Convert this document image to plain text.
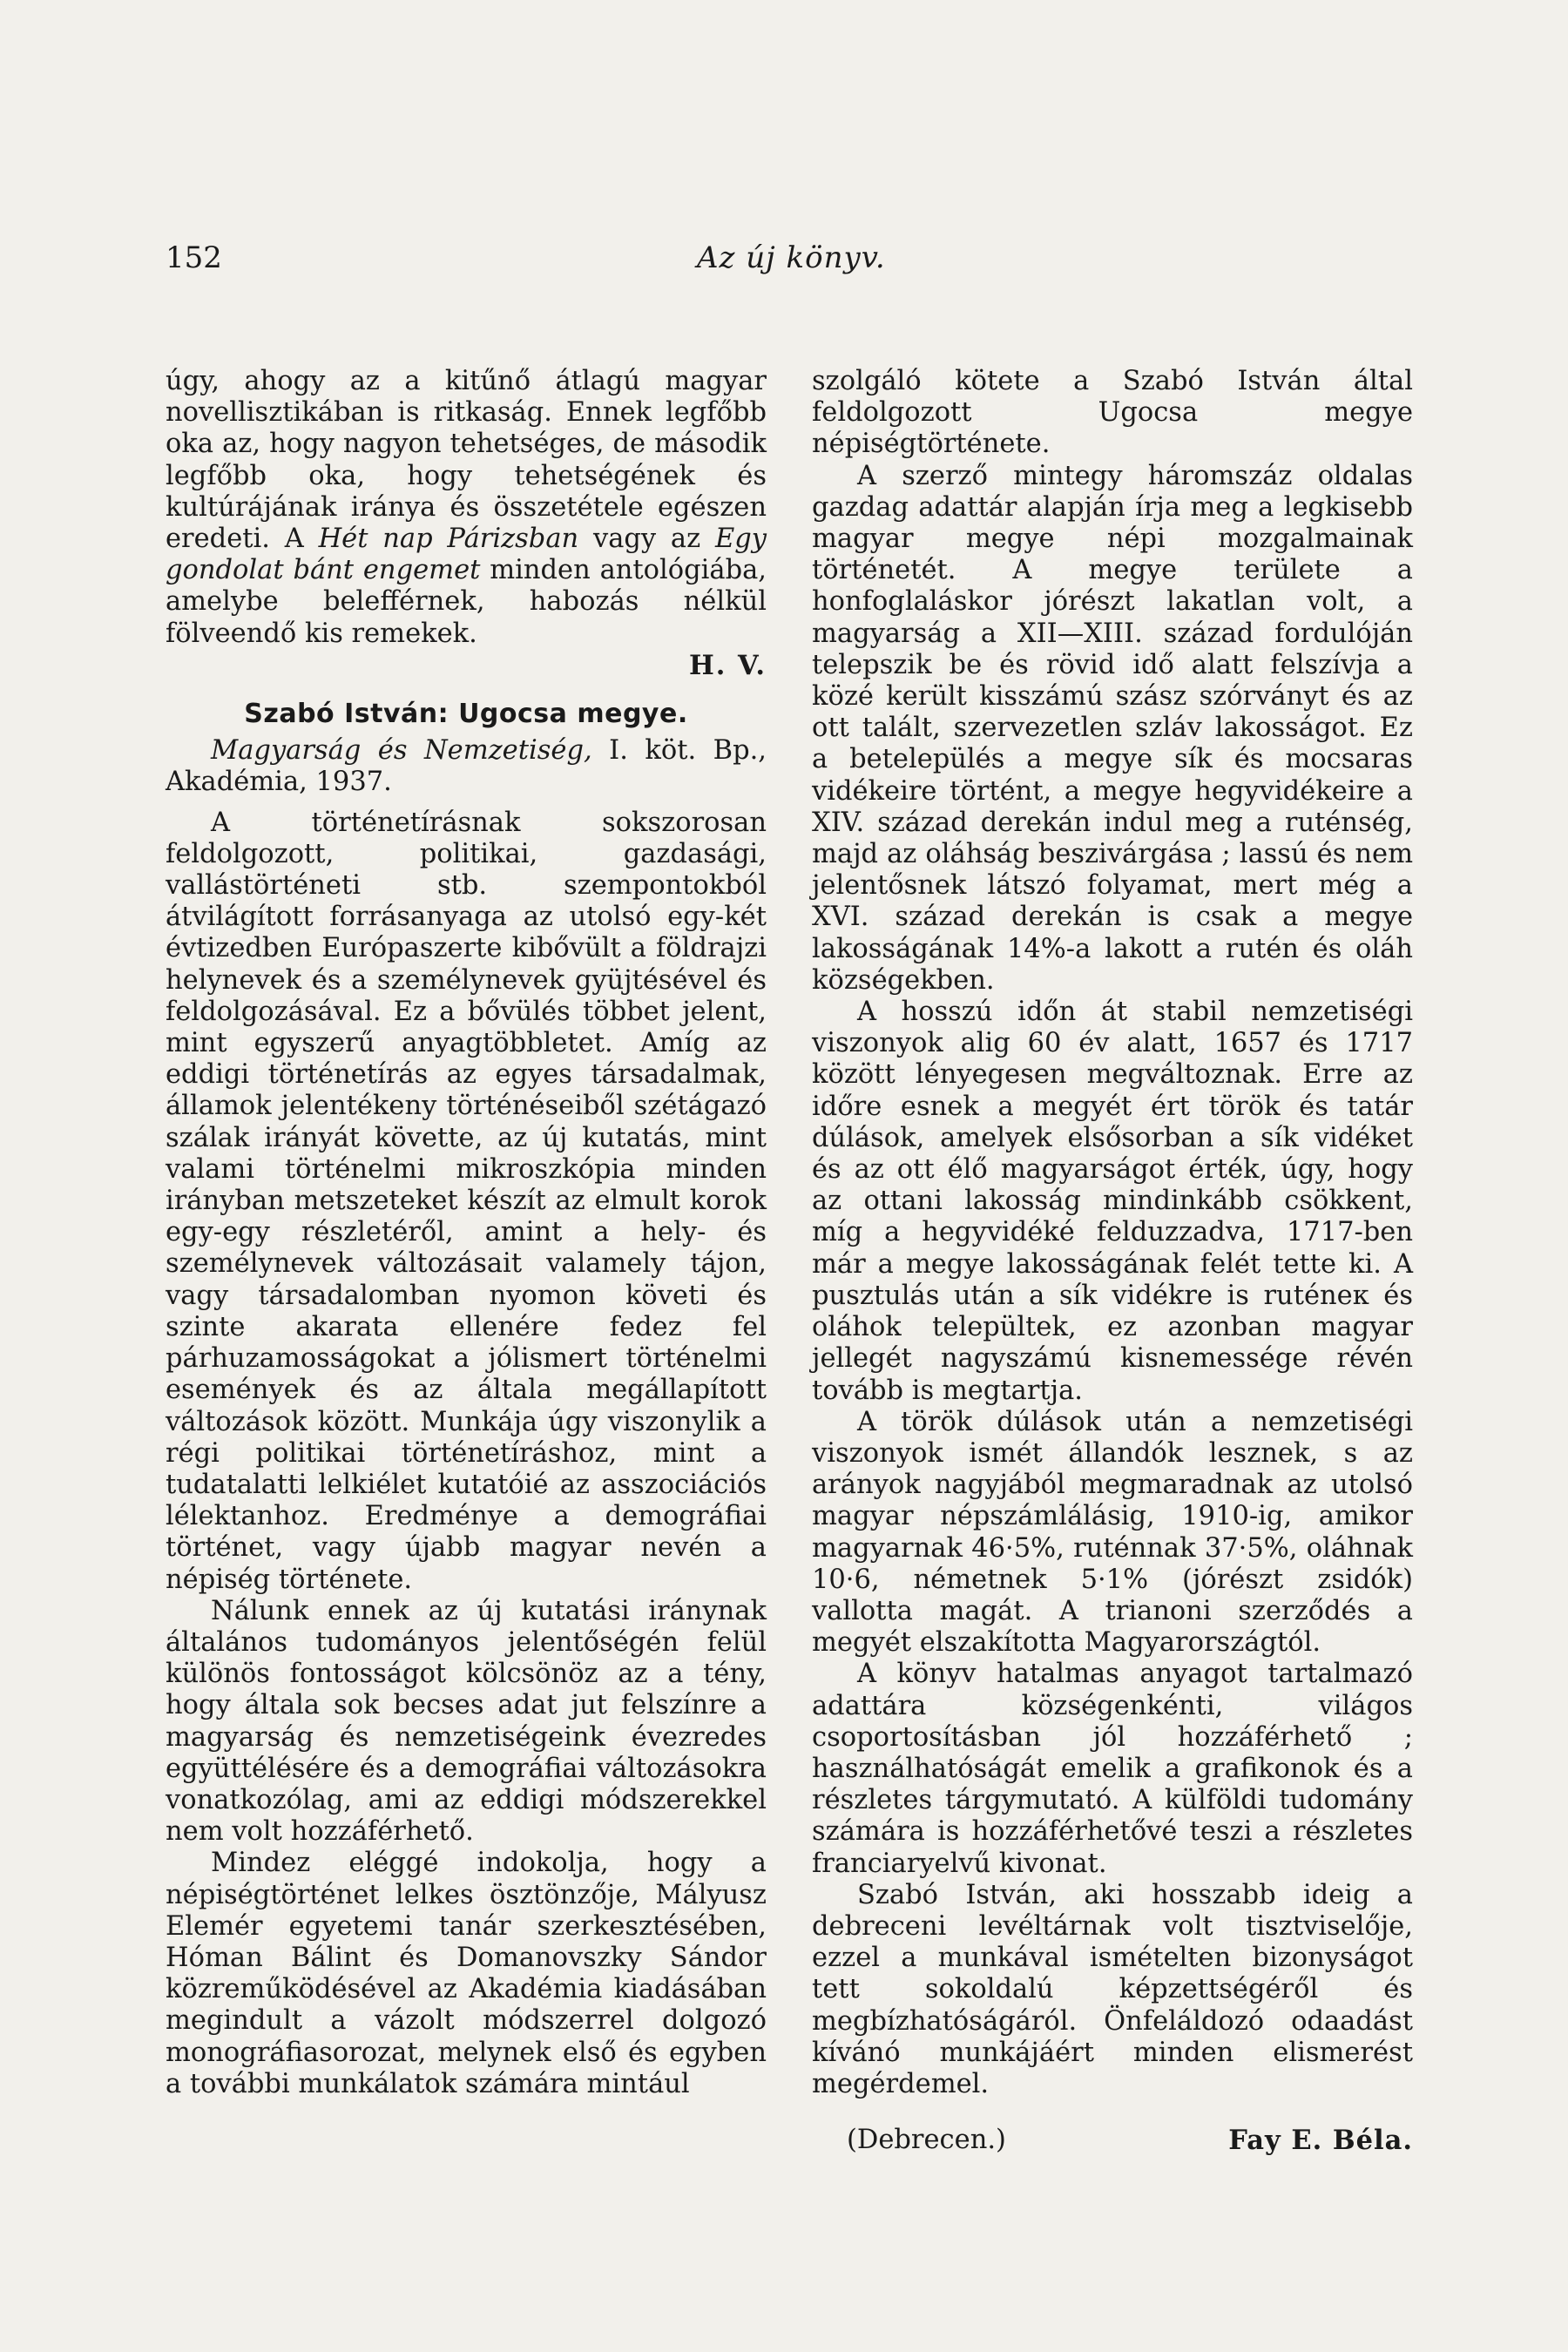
152	Az új könyv.

úgy, ahogy az a kitűnő átlagú magyar novellisztikában is ritkaság. Ennek legfőbb oka az, hogy nagyon tehetséges, de második legfőbb oka, hogy tehetségének és kultúrájának iránya és összetétele egészen eredeti. A Hét nap Párizsban vagy az Egy gondolat bánt engemet minden antológiába, amelybe belefférnek, habozás nélkül fölveendő kis remekek.

H. V.

Szabó István: Ugocsa megye.

Magyarság és Nemzetiség, I. köt. Bp., Akadémia, 1937.

A történetírásnak sokszorosan feldolgozott, politikai, gazdasági, vallástörténeti stb. szempontokból átvilágított forrásanyaga az utolsó egy-két évtizedben Európaszerte kibővült a földrajzi helynevek és a személynevek gyüjtésével és feldolgozásával. Ez a bővülés többet jelent, mint egyszerű anyagtöbbletet. Amíg az eddigi történetírás az egyes társadalmak, államok jelentékeny történéseiből szétágazó szálak irányát követte, az új kutatás, mint valami történelmi mikroszkópia minden irányban metszeteket készít az elmult korok egy-egy részletéről, amint a hely- és személynevek változásait valamely tájon, vagy társadalomban nyomon követi és szinte akarata ellenére fedez fel párhuzamosságokat a jólismert történelmi események és az általa megállapított változások között. Munkája úgy viszonylik a régi politikai történetíráshoz, mint a tudatalatti lelkiélet kutatóié az asszociációs lélektanhoz. Eredménye a demográfiai történet, vagy újabb magyar nevén a népiség története.

Nálunk ennek az új kutatási iránynak általános tudományos jelentőségén felül különös fontosságot kölcsönöz az a tény, hogy általa sok becses adat jut felszínre a magyarság és nemzetiségeink évezredes együttélésére és a demográfiai változásokra vonatkozólag, ami az eddigi módszerekkel nem volt hozzáférhető.

Mindez eléggé indokolja, hogy a népiségtörténet lelkes ösztönzője, Mályusz Elemér egyetemi tanár szerkesztésében, Hóman Bálint és Domanovszky Sándor közreműködésével az Akadémia kiadásában megindult a vázolt módszerrel dolgozó monográfiasorozat, melynek első és egyben a további munkálatok számára mintául

szolgáló kötete a Szabó István által feldolgozott Ugocsa megye népiségtörténete.

A szerző mintegy háromszáz oldalas gazdag adattár alapján írja meg a legkisebb magyar megye népi mozgalmainak történetét. A megye területe a honfoglaláskor jórészt lakatlan volt, a magyarság a XII—XIII. század fordulóján telepszik be és rövid idő alatt felszívja a közé került kisszámú szász szórványt és az ott talált, szervezetlen szláv lakosságot. Ez a betelepülés a megye sík és mocsaras vidékeire történt, a megye hegyvidékeire a XIV. század derekán indul meg a ruténség, majd az oláhság beszivárgása ; lassú és nem jelentősnek látszó folyamat, mert még a XVI. század derekán is csak a megye lakosságának 14%-a lakott a rutén és oláh községekben.

A hosszú időn át stabil nemzetiségi viszonyok alig 60 év alatt, 1657 és 1717 között lényegesen megváltoznak. Erre az időre esnek a megyét ért török és tatár dúlások, amelyek elsősorban a sík vidéket és az ott élő magyarságot érték, úgy, hogy az ottani lakosság mindinkább csökkent, míg a hegyvidéké felduzzadva, 1717-ben már a megye lakosságának felét tette ki. A pusztulás után a sík vidékre is ruténeк és oláhok települtek, ez azonban magyar jellegét nagyszámú kisnemessége révén tovább is megtartja.

A török dúlások után a nemzetiségi viszonyok ismét állandók lesznek, s az arányok nagyjából megmaradnak az utolsó magyar népszámlálásig, 1910-ig, amikor magyarnak 46·5%, ruténnak 37·5%, oláhnak 10·6, németnek 5·1% (jórészt zsidók) vallotta magát. A trianoni szerződés a megyét elszakította Magyarországtól.

A könyv hatalmas anyagot tartalmazó adattára községenkénti, világos csoportosításban jól hozzáférhető ; használhatóságát emelik a grafikonok és a részletes tárgymutató. A külföldi tudomány számára is hozzáférhetővé teszi a részletes franciaryelvű kivonat.

Szabó István, aki hosszabb ideig a debreceni levéltárnak volt tisztviselője, ezzel a munkával ismételten bizonyságot tett sokoldalú képzettségéről és megbízhatóságáról. Önfeláldozó odaadást kívánó munkájáért minden elismerést megérdemel.

(Debrecen.)	Fay E. Béla.
